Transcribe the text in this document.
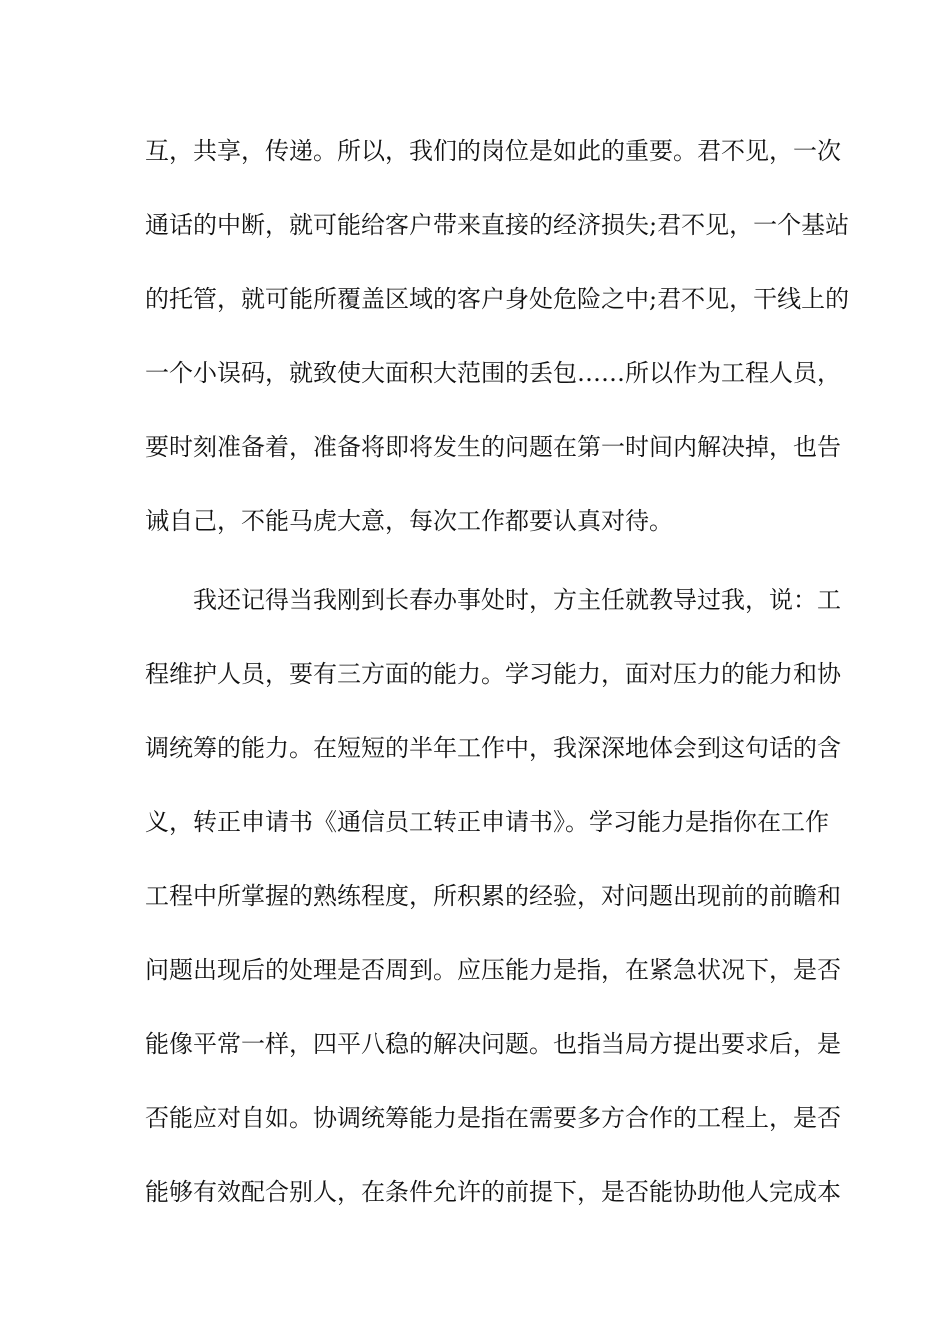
互，共享，传递。所以，我们的岗位是如此的重要。君不见，一次
通话的中断，就可能给客户带来直接的经济损失;君不见，一个基站
的托管，就可能所覆盖区域的客户身处危险之中;君不见，干线上的
一个小误码，就致使大面积大范围的丢包……所以作为工程人员，
要时刻准备着，准备将即将发生的问题在第一时间内解决掉，也告
诫自己，不能马虎大意，每次工作都要认真对待。
我还记得当我刚到长春办事处时，方主任就教导过我，说：工
程维护人员，要有三方面的能力。学习能力，面对压力的能力和协
调统筹的能力。在短短的半年工作中，我深深地体会到这句话的含
义，转正申请书《通信员工转正申请书》。学习能力是指你在工作
工程中所掌握的熟练程度，所积累的经验，对问题出现前的前瞻和
问题出现后的处理是否周到。应压能力是指，在紧急状况下，是否
能像平常一样，四平八稳的解决问题。也指当局方提出要求后，是
否能应对自如。协调统筹能力是指在需要多方合作的工程上，是否
能够有效配合别人，在条件允许的前提下，是否能协助他人完成本
